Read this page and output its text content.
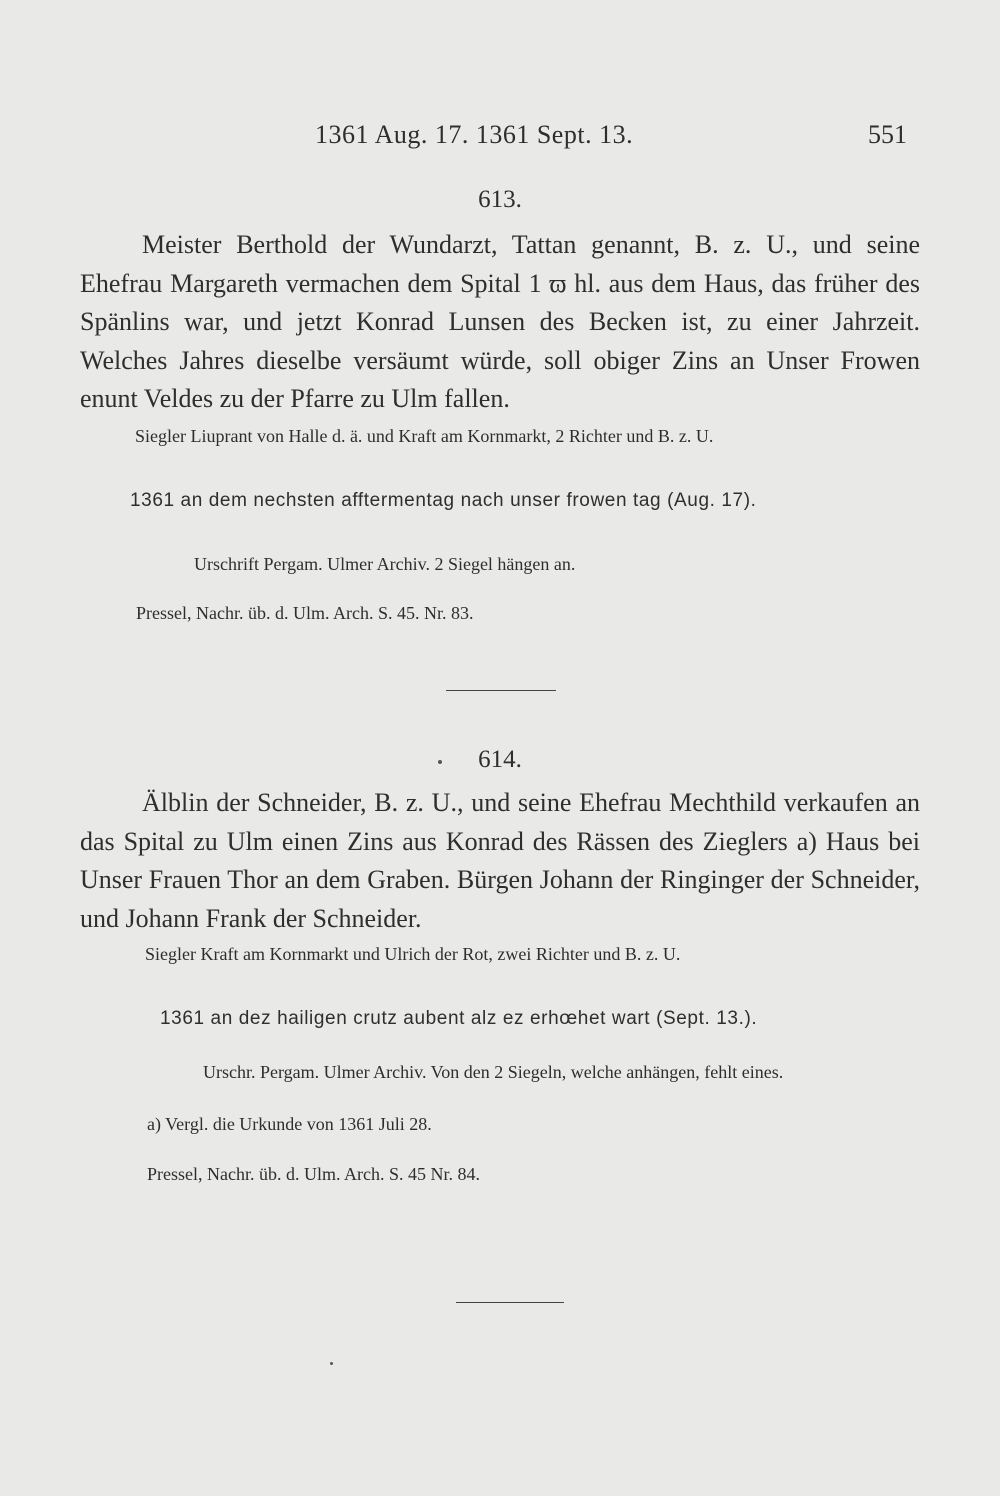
1361 Aug. 17. 1361 Sept. 13.	551
613.

Meister Berthold der Wundarzt, Tattan genannt, B. z. U., und seine Ehefrau Margareth vermachen dem Spital 1 ϖ hl. aus dem Haus, das früher des Spänlins war, und jetzt Konrad Lunsen des Becken ist, zu einer Jahrzeit. Welches Jahres dieselbe versäumt würde, soll obiger Zins an Unser Frowen enunt Veldes zu der Pfarre zu Ulm fallen.

Siegler Liuprant von Halle d. ä. und Kraft am Kornmarkt, 2 Richter und B. z. U.
1361 an dem nechsten afftermentag nach unser frowen tag (Aug. 17).
Urschrift Pergam. Ulmer Archiv. 2 Siegel hängen an.
Pressel, Nachr. üb. d. Ulm. Arch. S. 45. Nr. 83.
614.

Älblin der Schneider, B. z. U., und seine Ehefrau Mechthild verkaufen an das Spital zu Ulm einen Zins aus Konrad des Rässen des Zieglers a) Haus bei Unser Frauen Thor an dem Graben. Bürgen Johann der Ringinger der Schneider, und Johann Frank der Schneider.

Siegler Kraft am Kornmarkt und Ulrich der Rot, zwei Richter und B. z. U.
1361 an dez hailigen crutz aubent alz ez erhœhet wart (Sept. 13.).
Urschr. Pergam. Ulmer Archiv. Von den 2 Siegeln, welche anhängen, fehlt eines.
a) Vergl. die Urkunde von 1361 Juli 28.
Pressel, Nachr. üb. d. Ulm. Arch. S. 45 Nr. 84.
